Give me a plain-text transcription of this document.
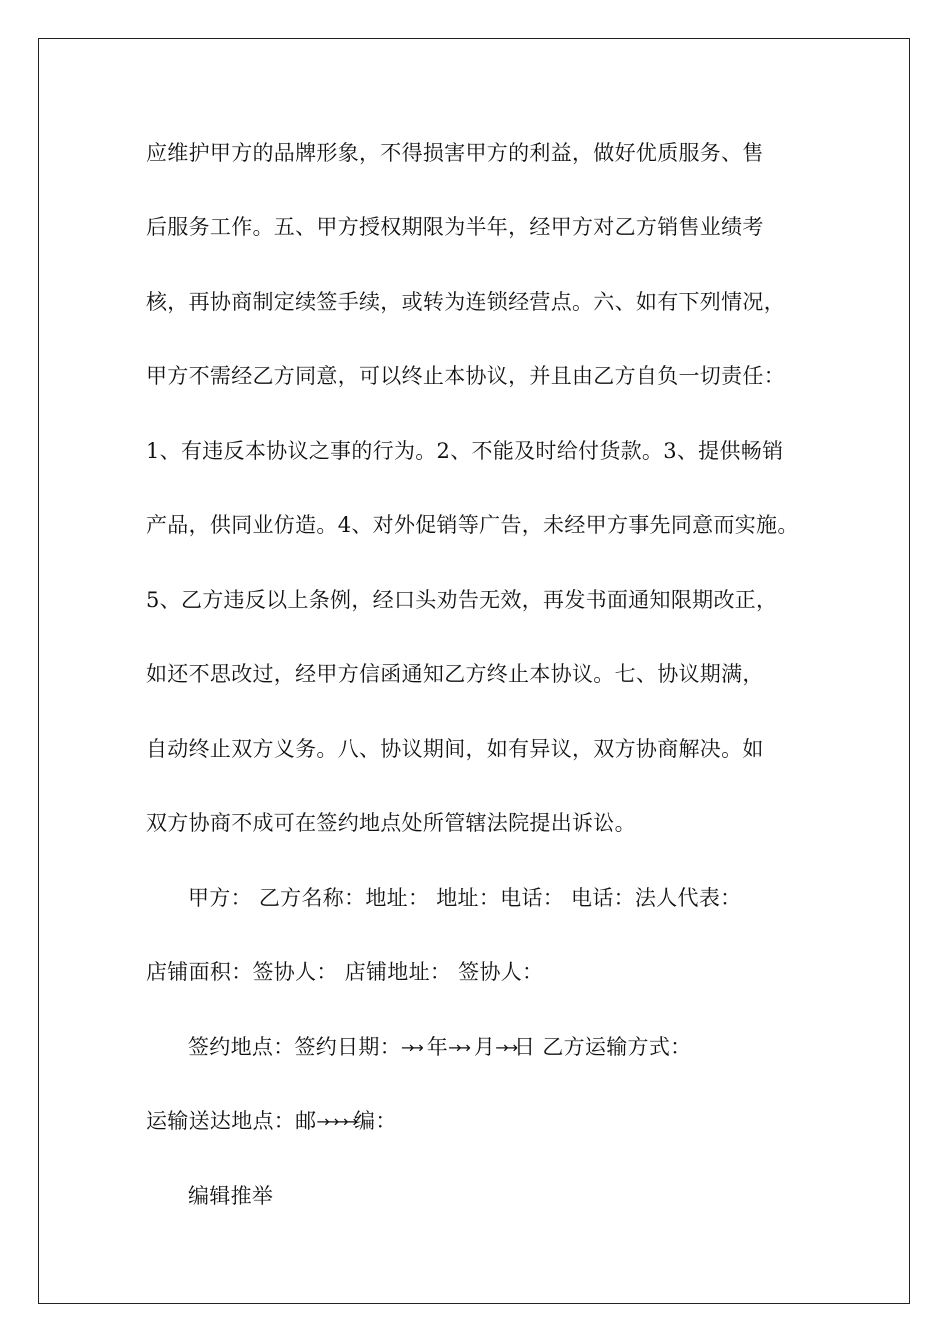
应维护甲方的品牌形象，不得损害甲方的利益，做好优质服务、售
后服务工作。五、甲方授权期限为半年，经甲方对乙方销售业绩考
核，再协商制定续签手续，或转为连锁经营点。六、如有下列情况，
甲方不需经乙方同意，可以终止本协议，并且由乙方自负一切责任：
1、有违反本协议之事的行为。2、不能及时给付货款。3、提供畅销
产品，供同业仿造。4、对外促销等广告，未经甲方事先同意而实施。
5、乙方违反以上条例，经口头劝告无效，再发书面通知限期改正，
如还不思改过，经甲方信函通知乙方终止本协议。七、协议期满，
自动终止双方义务。八、协议期间，如有异议，双方协商解决。如
双方协商不成可在签约地点处所管辖法院提出诉讼。
甲方： 乙方名称：地址： 地址：电话： 电话：法人代表：
店铺面积：签协人： 店铺地址： 签协人：
签约地点：签约日期：→→ 年→→ 月→→日 乙方运输方式：
运输送达地点：邮→→→→编：
编辑推举
